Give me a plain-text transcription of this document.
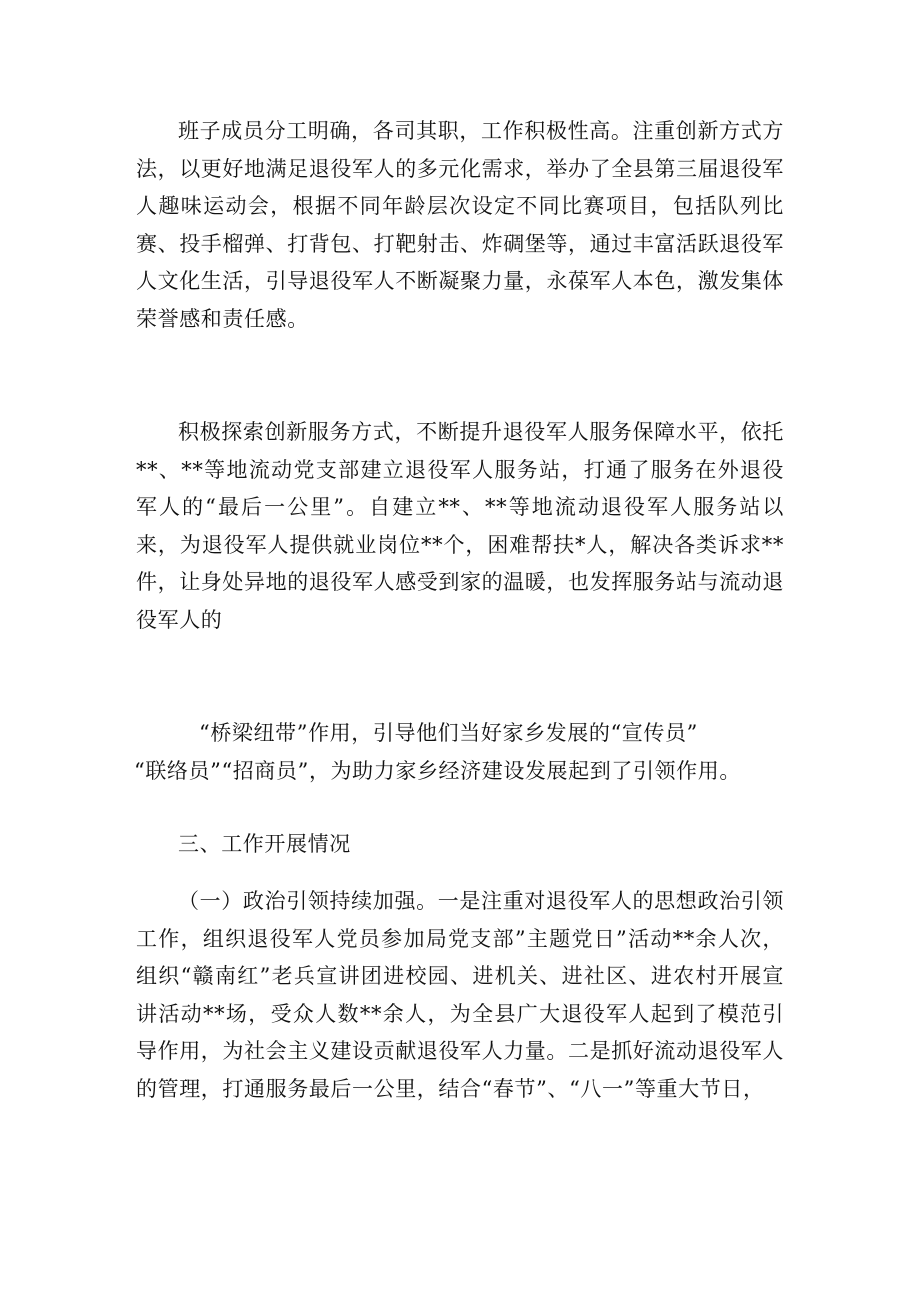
班子成员分工明确，各司其职，工作积极性高。注重创新方式方法，以更好地满足退役军人的多元化需求，举办了全县第三届退役军人趣味运动会，根据不同年龄层次设定不同比赛项目，包括队列比赛、投手榴弹、打背包、打靶射击、炸碉堡等，通过丰富活跃退役军人文化生活，引导退役军人不断凝聚力量，永葆军人本色，激发集体荣誉感和责任感。

积极探索创新服务方式，不断提升退役军人服务保障水平，依托**、**等地流动党支部建立退役军人服务站，打通了服务在外退役军人的“最后一公里”。自建立**、**等地流动退役军人服务站以来，为退役军人提供就业岗位**个，困难帮扶*人，解决各类诉求**件，让身处异地的退役军人感受到家的温暖，也发挥服务站与流动退役军人的

“桥梁纽带”作用，引导他们当好家乡发展的“宣传员”
“联络员”“招商员”，为助力家乡经济建设发展起到了引领作用。

三、工作开展情况

（一）政治引领持续加强。一是注重对退役军人的思想政治引领工作，组织退役军人党员参加局党支部”主题党日”活动**余人次，组织“赣南红”老兵宣讲团进校园、进机关、进社区、进农村开展宣讲活动**场，受众人数**余人，为全县广大退役军人起到了模范引导作用，为社会主义建设贡献退役军人力量。二是抓好流动退役军人的管理，打通服务最后一公里，结合“春节”、“八一”等重大节日，
